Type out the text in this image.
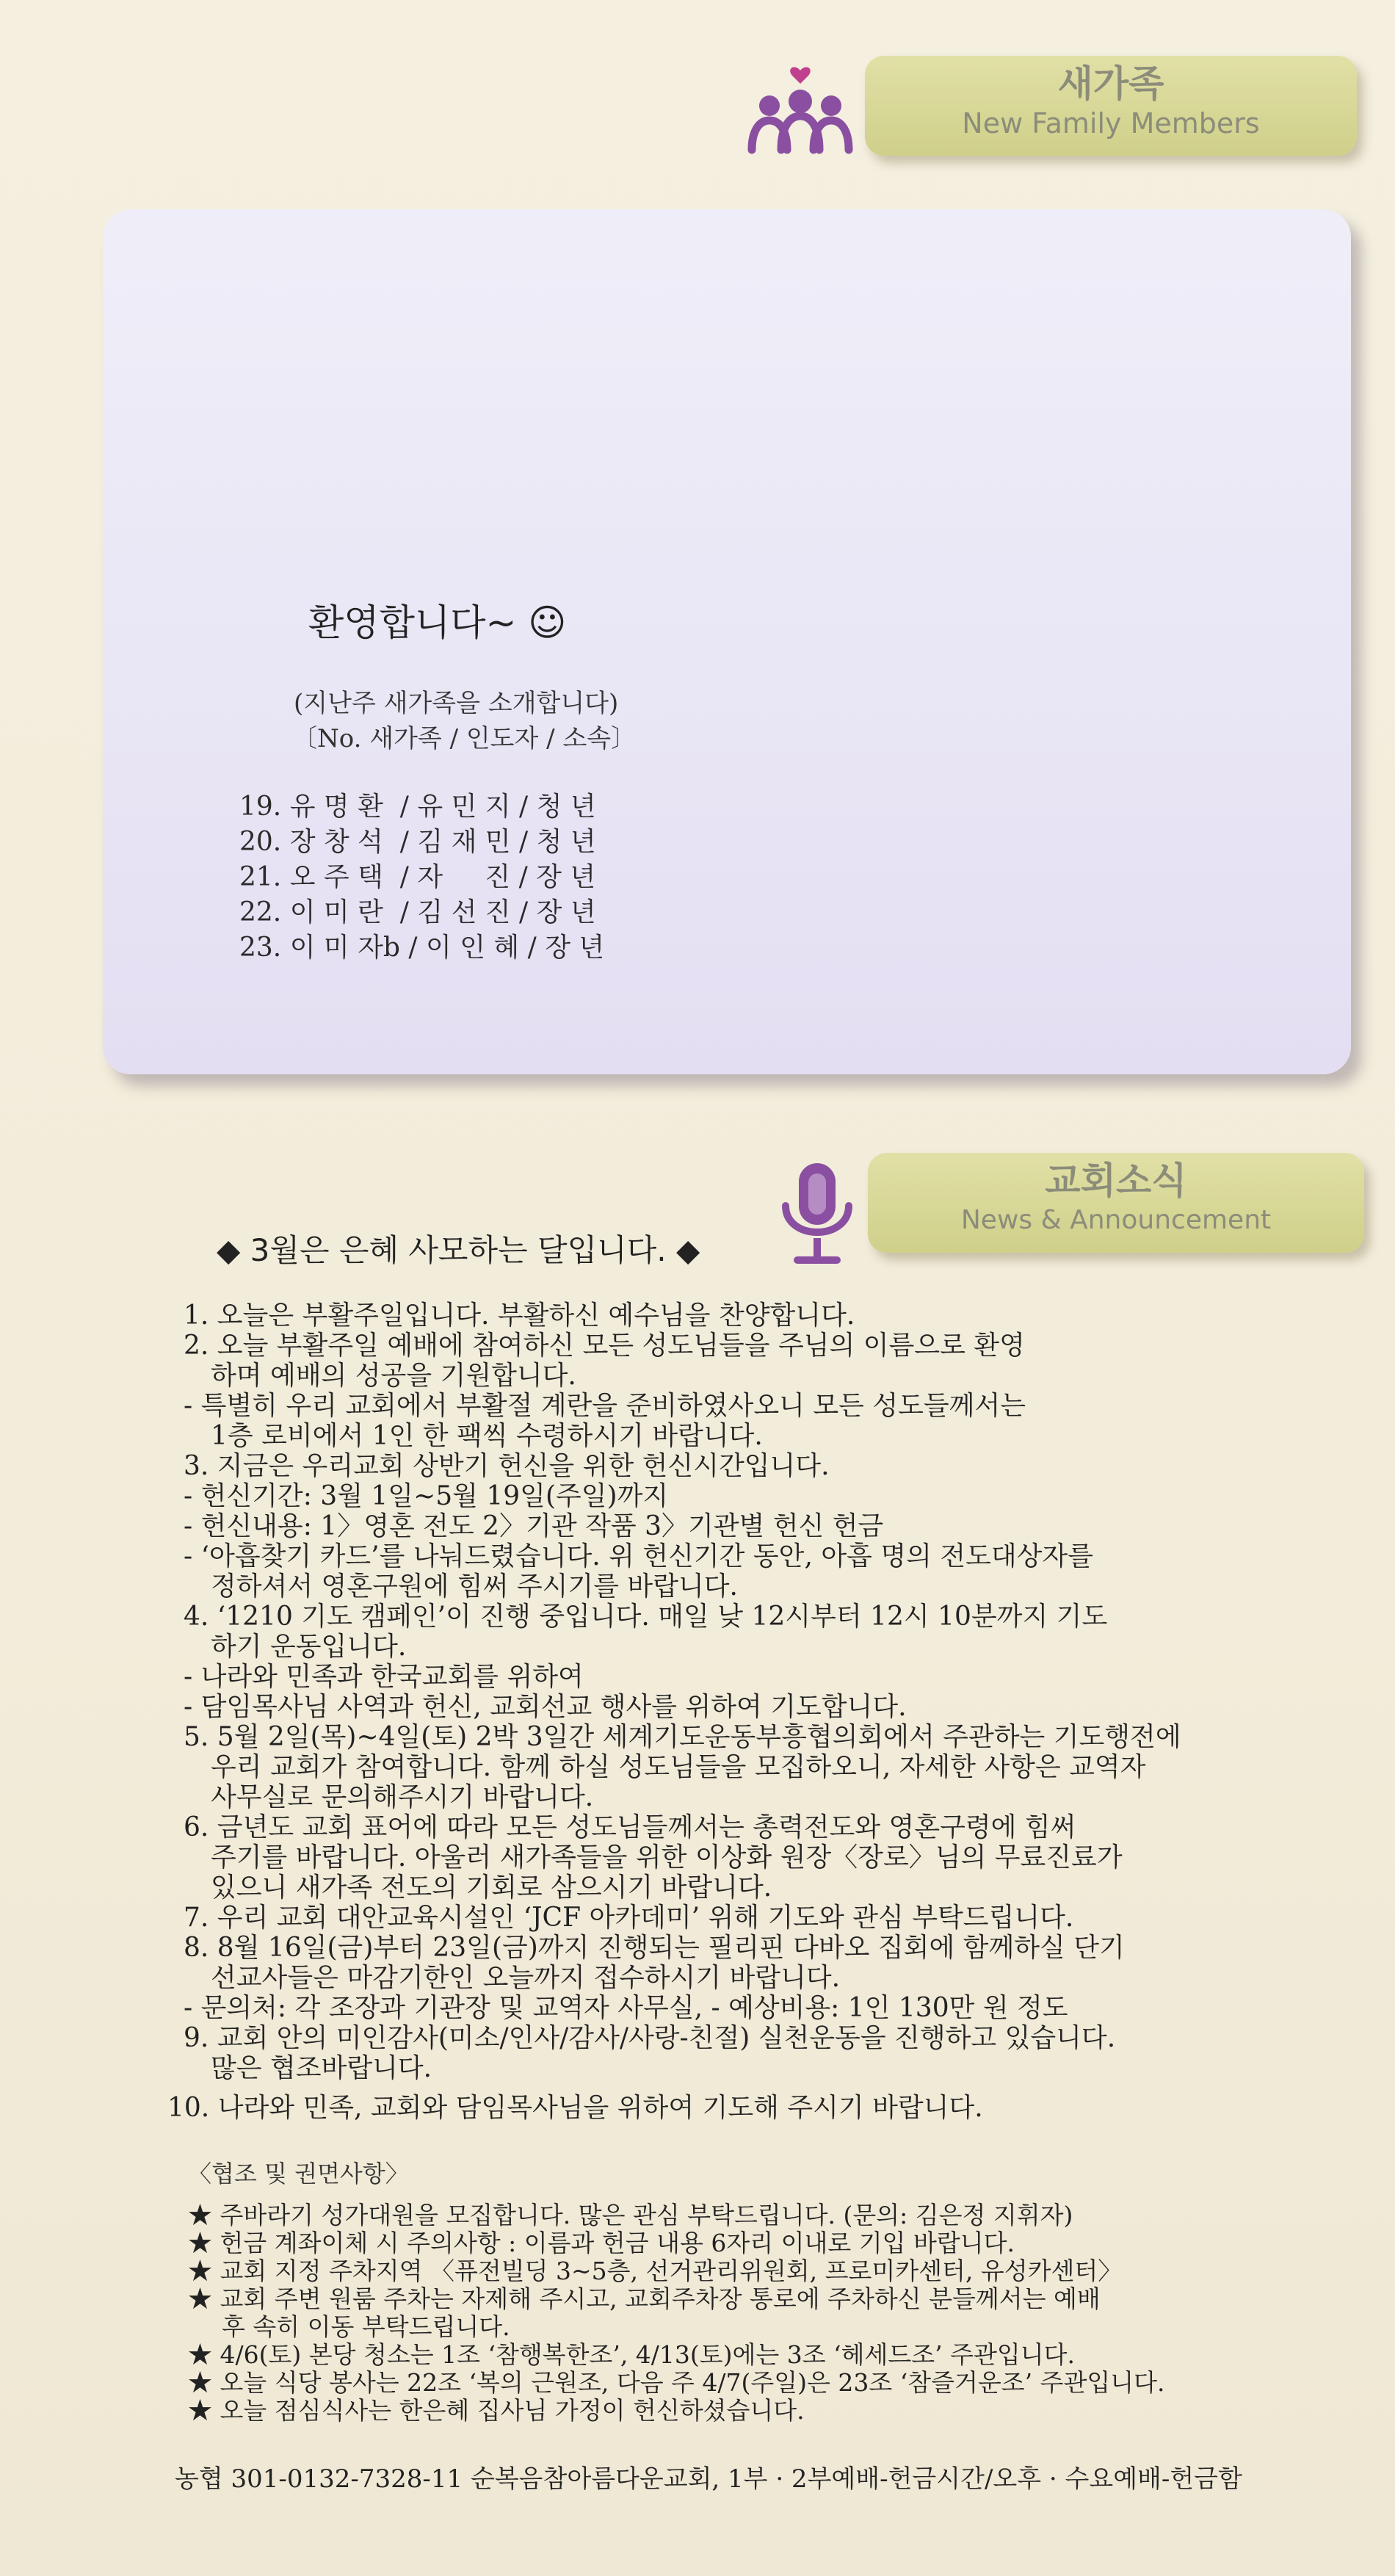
새가족
New Family Members
환영합니다~ ☺
(지난주 새가족을 소개합니다)
〔No. 새가족 / 인도자 / 소속〕
19. 유 명 환  / 유 민 지 / 청 년
20. 장 창 석  / 김 재 민 / 청 년
21. 오 주 택  / 자     진 / 장 년
22. 이 미 란  / 김 선 진 / 장 년
23. 이 미 자b / 이 인 혜 / 장 년
교회소식
News & Announcement
◆ 3월은 은혜 사모하는 달입니다. ◆
1. 오늘은 부활주일입니다. 부활하신 예수님을 찬양합니다.
2. 오늘 부활주일 예배에 참여하신 모든 성도님들을 주님의 이름으로 환영
하며 예배의 성공을 기원합니다.
- 특별히 우리 교회에서 부활절 계란을 준비하였사오니 모든 성도들께서는
1층 로비에서 1인 한 팩씩 수령하시기 바랍니다.
3. 지금은 우리교회 상반기 헌신을 위한 헌신시간입니다.
- 헌신기간: 3월 1일~5월 19일(주일)까지
- 헌신내용: 1〉영혼 전도 2〉기관 작품 3〉기관별 헌신 헌금
- ‘아흡찾기 카드’를 나눠드렸습니다. 위 헌신기간 동안, 아흡 명의 전도대상자를
정하셔서 영혼구원에 힘써 주시기를 바랍니다.
4. ‘1210 기도 캠페인’이 진행 중입니다. 매일 낮 12시부터 12시 10분까지 기도
하기 운동입니다.
- 나라와 민족과 한국교회를 위하여
- 담임목사님 사역과 헌신, 교회선교 행사를 위하여 기도합니다.
5. 5월 2일(목)~4일(토) 2박 3일간 세계기도운동부흥협의회에서 주관하는 기도행전에
우리 교회가 참여합니다. 함께 하실 성도님들을 모집하오니, 자세한 사항은 교역자
사무실로 문의해주시기 바랍니다.
6. 금년도 교회 표어에 따라 모든 성도님들께서는 총력전도와 영혼구령에 힘써
주기를 바랍니다. 아울러 새가족들을 위한 이상화 원장〈장로〉님의 무료진료가
있으니 새가족 전도의 기회로 삼으시기 바랍니다.
7. 우리 교회 대안교육시설인 ‘JCF 아카데미’ 위해 기도와 관심 부탁드립니다.
8. 8월 16일(금)부터 23일(금)까지 진행되는 필리핀 다바오 집회에 함께하실 단기
선교사들은 마감기한인 오늘까지 접수하시기 바랍니다.
- 문의처: 각 조장과 기관장 및 교역자 사무실, - 예상비용: 1인 130만 원 정도
9. 교회 안의 미인감사(미소/인사/감사/사랑-친절) 실천운동을 진행하고 있습니다.
많은 협조바랍니다.
10. 나라와 민족, 교회와 담임목사님을 위하여 기도해 주시기 바랍니다.
〈협조 및 권면사항〉
★ 주바라기 성가대원을 모집합니다. 많은 관심 부탁드립니다. (문의: 김은정 지휘자)
★ 헌금 계좌이체 시 주의사항 : 이름과 헌금 내용 6자리 이내로 기입 바랍니다.
★ 교회 지정 주차지역 〈퓨전빌딩 3~5층, 선거관리위원회, 프로미카센터, 유성카센터〉
★ 교회 주변 원룸 주차는 자제해 주시고, 교회주차장 통로에 주차하신 분들께서는 예배
후 속히 이동 부탁드립니다.
★ 4/6(토) 본당 청소는 1조 ‘참행복한조’, 4/13(토)에는 3조 ‘헤세드조’ 주관입니다.
★ 오늘 식당 봉사는 22조 ‘복의 근원조, 다음 주 4/7(주일)은 23조 ‘참즐거운조’ 주관입니다.
★ 오늘 점심식사는 한은혜 집사님 가정이 헌신하셨습니다.
농협 301-0132-7328-11 순복음참아름다운교회, 1부 · 2부예배-헌금시간/오후 · 수요예배-헌금함
